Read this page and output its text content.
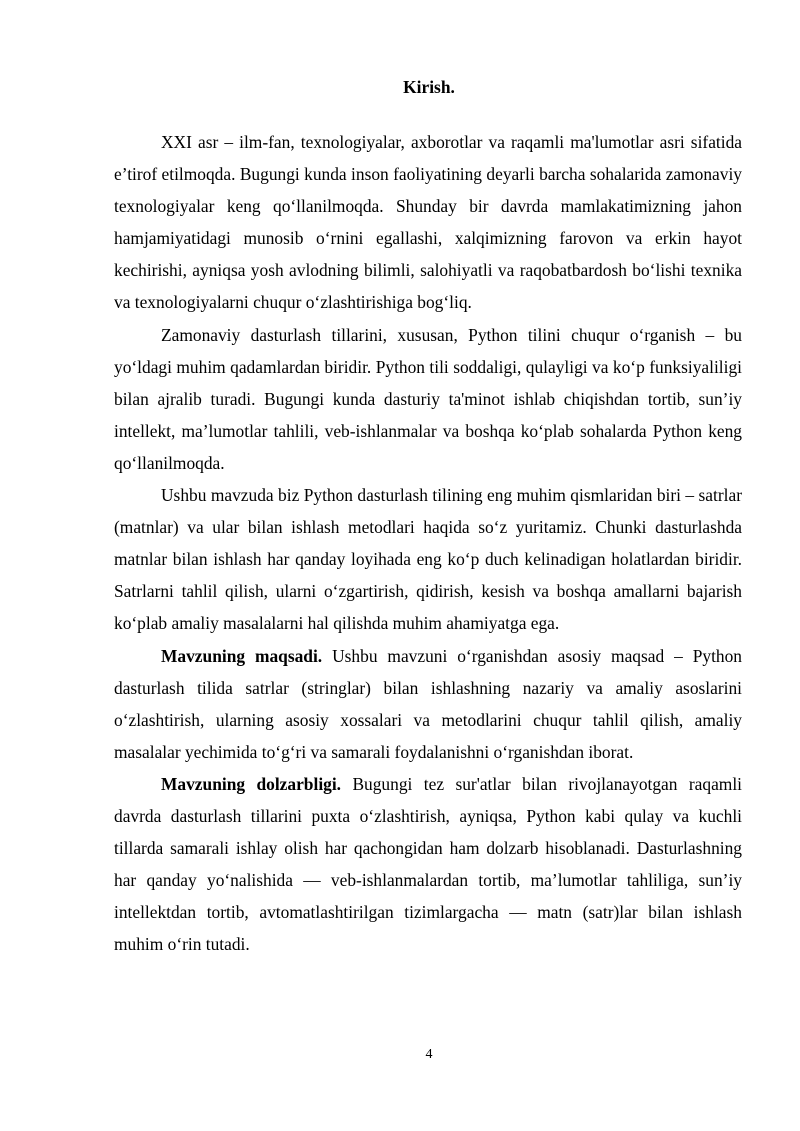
Kirish.

XXI asr – ilm-fan, texnologiyalar, axborotlar va raqamli ma'lumotlar asri sifatida e’tirof etilmoqda. Bugungi kunda inson faoliyatining deyarli barcha sohalarida zamonaviy texnologiyalar keng qo‘llanilmoqda. Shunday bir davrda mamlakatimizning jahon hamjamiyatidagi munosib o‘rnini egallashi, xalqimizning farovon va erkin hayot kechirishi, ayniqsa yosh avlodning bilimli, salohiyatli va raqobatbardosh bo‘lishi texnika va texnologiyalarni chuqur o‘zlashtirishiga bog‘liq.

Zamonaviy dasturlash tillarini, xususan, Python tilini chuqur o‘rganish – bu yo‘ldagi muhim qadamlardan biridir. Python tili soddaligi, qulayligi va ko‘p funksiyaliligi bilan ajralib turadi. Bugungi kunda dasturiy ta'minot ishlab chiqishdan tortib, sun’iy intellekt, ma’lumotlar tahlili, veb-ishlanmalar va boshqa ko‘plab sohalarda Python keng qo‘llanilmoqda.

Ushbu mavzuda biz Python dasturlash tilining eng muhim qismlaridan biri – satrlar (matnlar) va ular bilan ishlash metodlari haqida so‘z yuritamiz. Chunki dasturlashda matnlar bilan ishlash har qanday loyihada eng ko‘p duch kelinadigan holatlardan biridir. Satrlarni tahlil qilish, ularni o‘zgartirish, qidirish, kesish va boshqa amallarni bajarish ko‘plab amaliy masalalarni hal qilishda muhim ahamiyatga ega.

Mavzuning maqsadi. Ushbu mavzuni o‘rganishdan asosiy maqsad – Python dasturlash tilida satrlar (stringlar) bilan ishlashning nazariy va amaliy asoslarini o‘zlashtirish, ularning asosiy xossalari va metodlarini chuqur tahlil qilish, amaliy masalalar yechimida to‘g‘ri va samarali foydalanishni o‘rganishdan iborat.

Mavzuning dolzarbligi. Bugungi tez sur'atlar bilan rivojlanayotgan raqamli davrda dasturlash tillarini puxta o‘zlashtirish, ayniqsa, Python kabi qulay va kuchli tillarda samarali ishlay olish har qachongidan ham dolzarb hisoblanadi. Dasturlashning har qanday yo‘nalishida — veb-ishlanmalardan tortib, ma’lumotlar tahliliga, sun’iy intellektdan tortib, avtomatlashtirilgan tizimlargacha — matn (satr)lar bilan ishlash muhim o‘rin tutadi.

4
